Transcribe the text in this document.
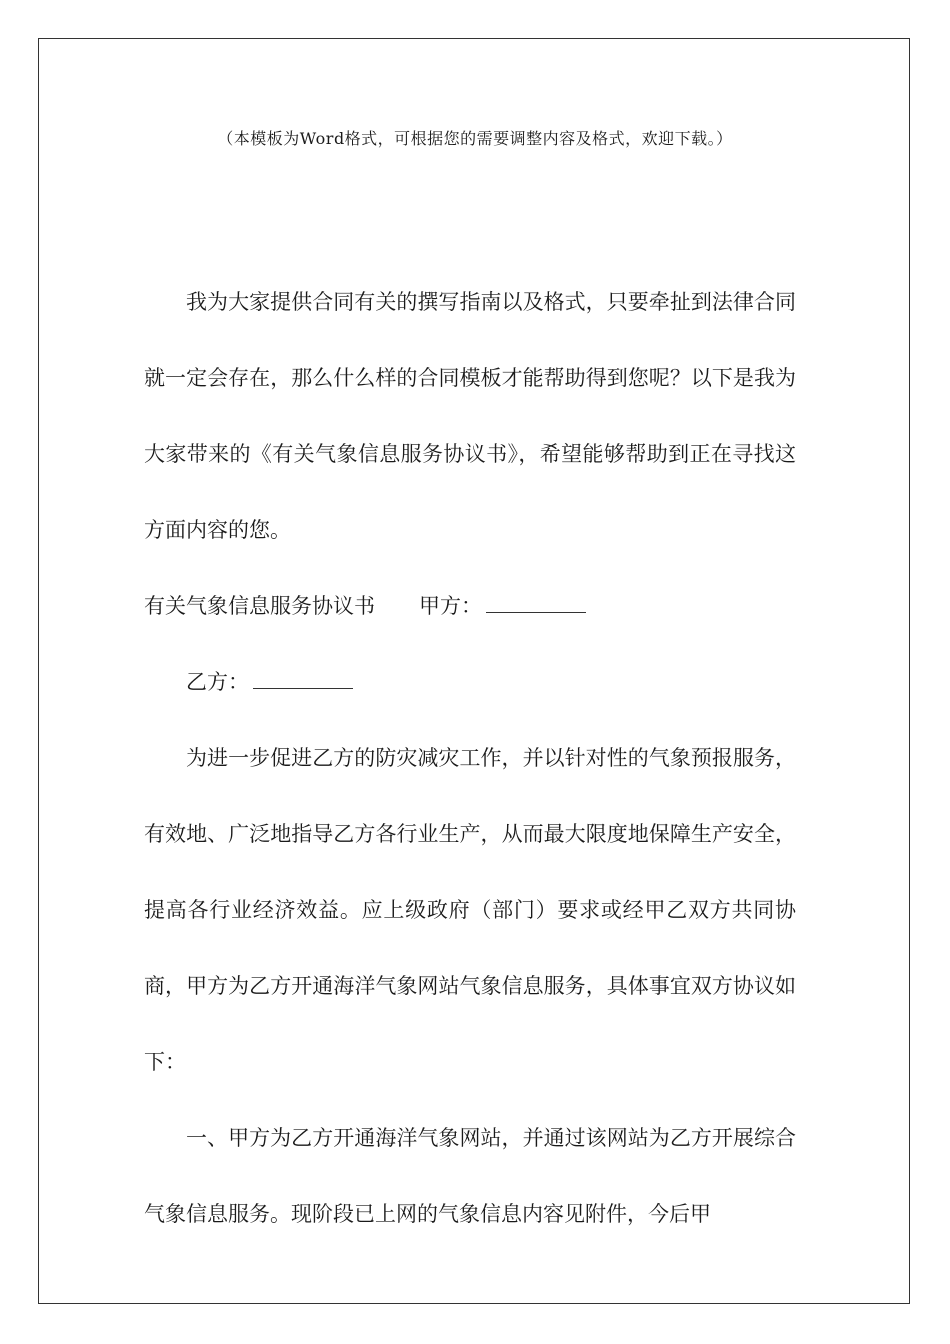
（本模板为Word格式，可根据您的需要调整内容及格式，欢迎下载。）

我为大家提供合同有关的撰写指南以及格式，只要牵扯到法律合同就一定会存在，那么什么样的合同模板才能帮助得到您呢？以下是我为大家带来的《有关气象信息服务协议书》，希望能够帮助到正在寻找这方面内容的您。

有关气象信息服务协议书 甲方：

乙方：

为进一步促进乙方的防灾减灾工作，并以针对性的气象预报服务，有效地、广泛地指导乙方各行业生产，从而最大限度地保障生产安全，提高各行业经济效益。应上级政府（部门）要求或经甲乙双方共同协商，甲方为乙方开通海洋气象网站气象信息服务，具体事宜双方协议如下：

一、甲方为乙方开通海洋气象网站，并通过该网站为乙方开展综合气象信息服务。现阶段已上网的气象信息内容见附件，今后甲
